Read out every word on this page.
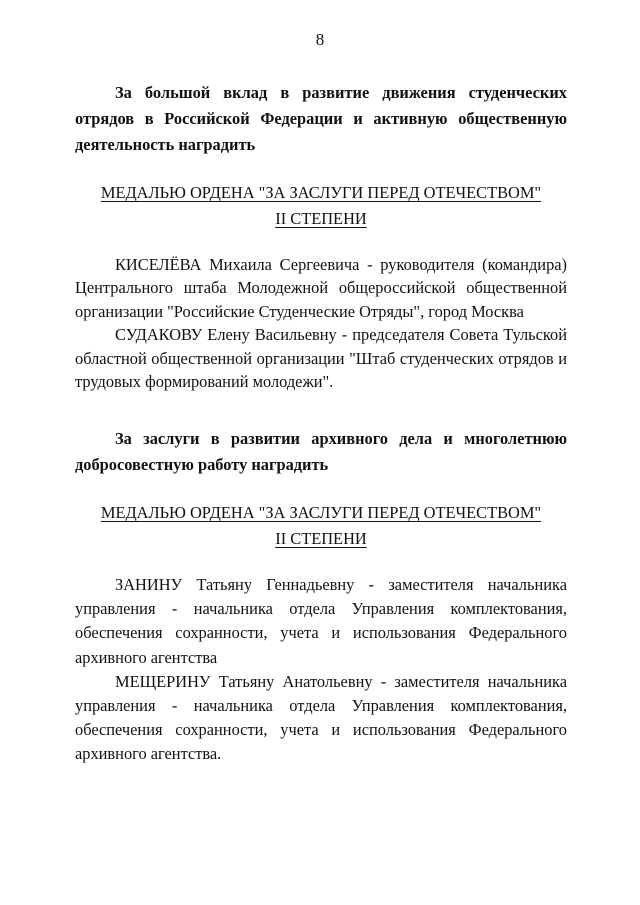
8
За большой вклад в развитие движения студенческих отрядов в Российской Федерации и активную общественную деятельность наградить
МЕДАЛЬЮ ОРДЕНА "ЗА ЗАСЛУГИ ПЕРЕД ОТЕЧЕСТВОМ"
II СТЕПЕНИ

КИСЕЛЁВА Михаила Сергеевича - руководителя (командира) Центрального штаба Молодежной общероссийской общественной организации "Российские Студенческие Отряды", город Москва

СУДАКОВУ Елену Васильевну - председателя Совета Тульской областной общественной организации "Штаб студенческих отрядов и трудовых формирований молодежи".

За заслуги в развитии архивного дела и многолетнюю добросовестную работу наградить
МЕДАЛЬЮ ОРДЕНА "ЗА ЗАСЛУГИ ПЕРЕД ОТЕЧЕСТВОМ"
II СТЕПЕНИ

ЗАНИНУ Татьяну Геннадьевну - заместителя начальника управления - начальника отдела Управления комплектования, обеспечения сохранности, учета и использования Федерального архивного агентства

МЕЩЕРИНУ Татьяну Анатольевну - заместителя начальника управления - начальника отдела Управления комплектования, обеспечения сохранности, учета и использования Федерального архивного агентства.
